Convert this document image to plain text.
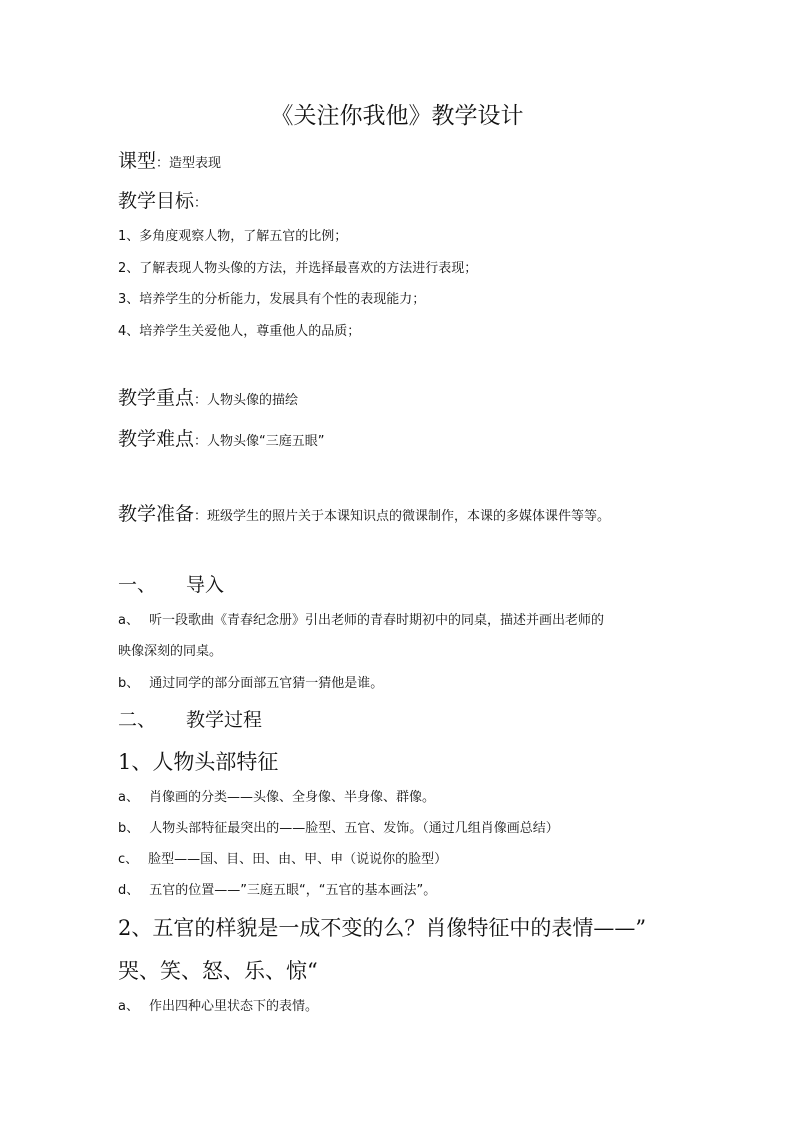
《关注你我他》教学设计
课型：造型表现
教学目标：
1、多角度观察人物，了解五官的比例；
2、了解表现人物头像的方法，并选择最喜欢的方法进行表现；
3、培养学生的分析能力，发展具有个性的表现能力；
4、培养学生关爱他人，尊重他人的品质；
教学重点：人物头像的描绘
教学难点：人物头像“三庭五眼”
教学准备：班级学生的照片关于本课知识点的微课制作，本课的多媒体课件等等。
一、 导入
a、 听一段歌曲《青春纪念册》引出老师的青春时期初中的同桌，描述并画出老师的
映像深刻的同桌。
b、 通过同学的部分面部五官猜一猜他是谁。
二、 教学过程
1、人物头部特征
a、 肖像画的分类——头像、全身像、半身像、群像。
b、 人物头部特征最突出的——脸型、五官、发饰。（通过几组肖像画总结）
c、 脸型——国、目、田、由、甲、申（说说你的脸型）
d、 五官的位置——”三庭五眼“，“五官的基本画法”。
2、五官的样貌是一成不变的么？肖像特征中的表情——”
哭、笑、怒、乐、惊“
a、 作出四种心里状态下的表情。
